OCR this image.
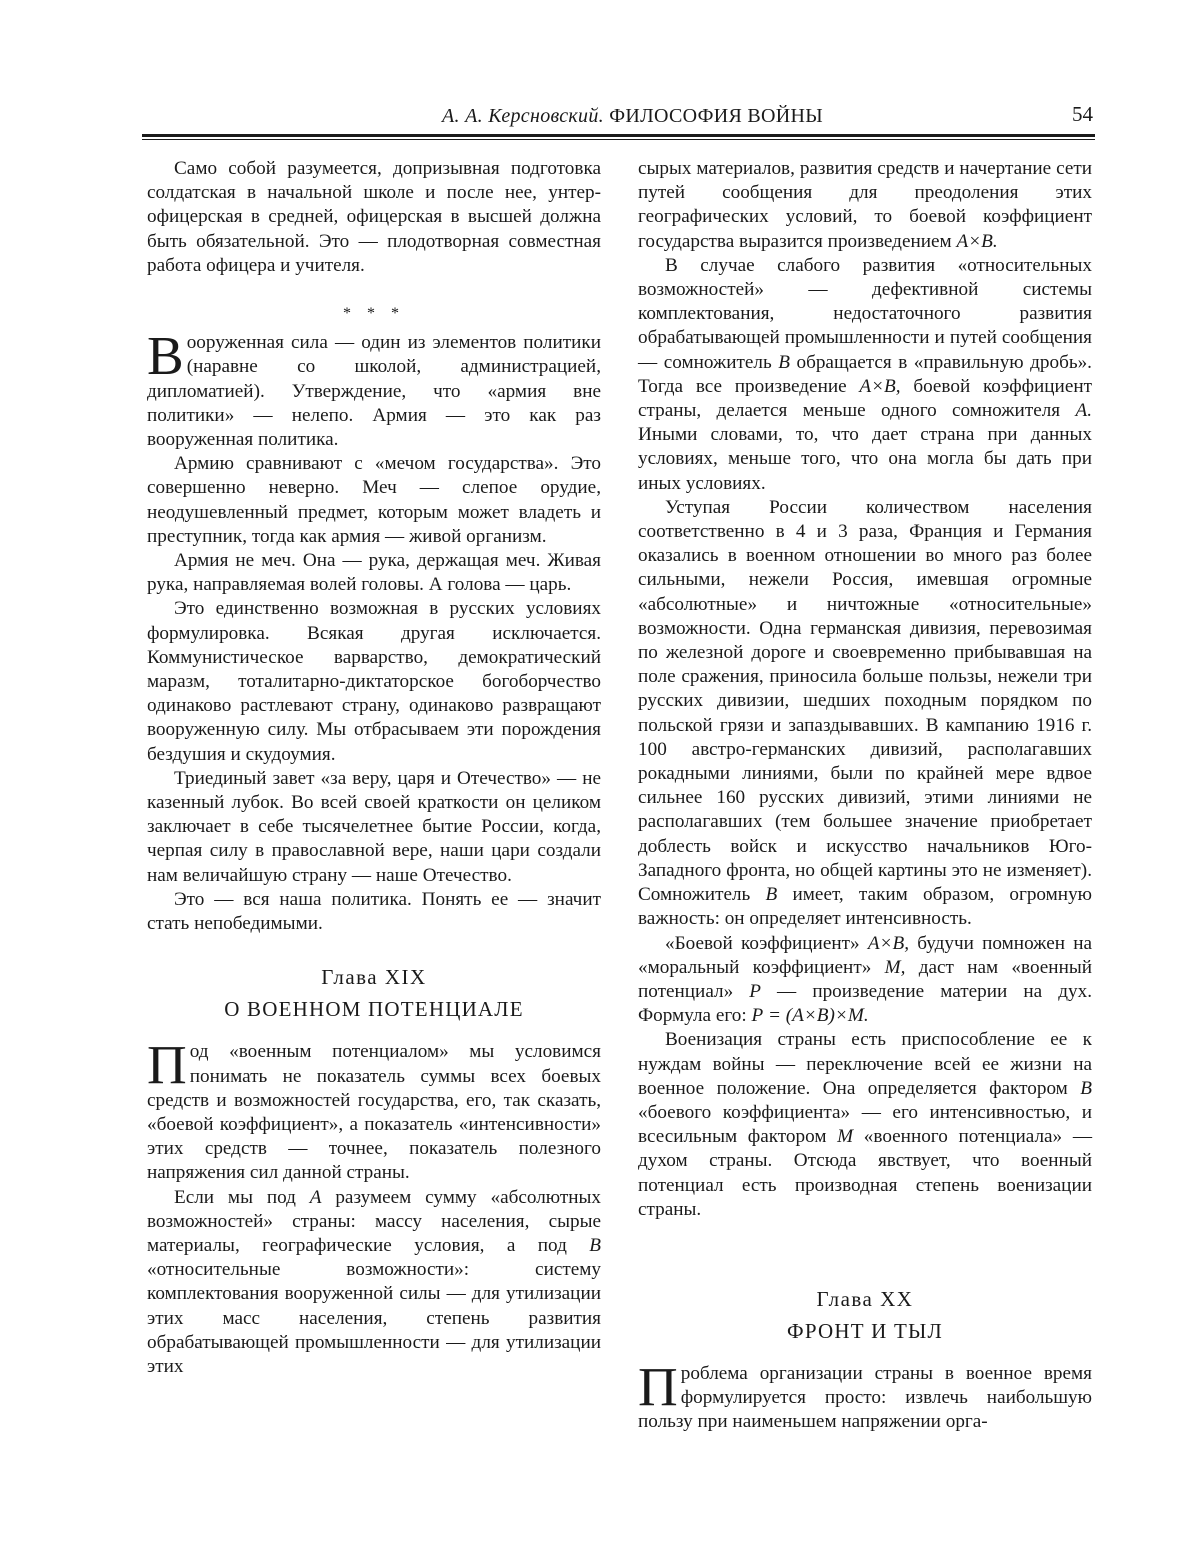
А. А. Керсновский. ФИЛОСОФИЯ ВОЙНЫ	54

Само собой разумеется, допризывная подготовка солдатская в начальной школе и после нее, унтер-офицерская в средней, офицерская в высшей должна быть обязательной. Это — плодотворная совместная работа офицера и учителя.

* * *

Вооруженная сила — один из элементов политики (наравне со школой, администрацией, дипломатией). Утверждение, что «армия вне политики» — нелепо. Армия — это как раз вооруженная политика.

Армию сравнивают с «мечом государства». Это совершенно неверно. Меч — слепое орудие, неодушевленный предмет, которым может владеть и преступник, тогда как армия — живой организм.

Армия не меч. Она — рука, держащая меч. Живая рука, направляемая волей головы. А голова — царь.

Это единственно возможная в русских условиях формулировка. Всякая другая исключается. Коммунистическое варварство, демократический маразм, тоталитарно-диктаторское богоборчество одинаково растлевают страну, одинаково развращают вооруженную силу. Мы отбрасываем эти порождения бездушия и скудоумия.

Триединый завет «за веру, царя и Отечество» — не казенный лубок. Во всей своей краткости он целиком заключает в себе тысячелетнее бытие России, когда, черпая силу в православной вере, наши цари создали нам величайшую страну — наше Отечество.

Это — вся наша политика. Понять ее — значит стать непобедимыми.

Глава XIX
О ВОЕННОМ ПОТЕНЦИАЛЕ

Под «военным потенциалом» мы условимся понимать не показатель суммы всех боевых средств и возможностей государства, его, так сказать, «боевой коэффициент», а показатель «интенсивности» этих средств — точнее, показатель полезного напряжения сил данной страны.

Если мы под А разумеем сумму «абсолютных возможностей» страны: массу населения, сырые материалы, географические условия, а под В «относительные возможности»: систему комплектования вооруженной силы — для утилизации этих масс населения, степень развития обрабатывающей промышленности — для утилизации этих

сырых материалов, развития средств и начертание сети путей сообщения для преодоления этих географических условий, то боевой коэффициент государства выразится произведением А×В.

В случае слабого развития «относительных возможностей» — дефективной системы комплектования, недостаточного развития обрабатывающей промышленности и путей сообщения — сомножитель В обращается в «правильную дробь». Тогда все произведение А×В, боевой коэффициент страны, делается меньше одного сомножителя А. Иными словами, то, что дает страна при данных условиях, меньше того, что она могла бы дать при иных условиях.

Уступая России количеством населения соответственно в 4 и 3 раза, Франция и Германия оказались в военном отношении во много раз более сильными, нежели Россия, имевшая огромные «абсолютные» и ничтожные «относительные» возможности. Одна германская дивизия, перевозимая по железной дороге и своевременно прибывавшая на поле сражения, приносила больше пользы, нежели три русских дивизии, шедших походным порядком по польской грязи и запаздывавших. В кампанию 1916 г. 100 австро-германских дивизий, располагавших рокадными линиями, были по крайней мере вдвое сильнее 160 русских дивизий, этими линиями не располагавших (тем большее значение приобретает доблесть войск и искусство начальников Юго-Западного фронта, но общей картины это не изменяет). Сомножитель В имеет, таким образом, огромную важность: он определяет интенсивность.

«Боевой коэффициент» А×В, будучи помножен на «моральный коэффициент» М, даст нам «военный потенциал» Р — произведение материи на дух. Формула его: Р = (А×В)×М.

Военизация страны есть приспособление ее к нуждам войны — переключение всей ее жизни на военное положение. Она определяется фактором В «боевого коэффициента» — его интенсивностью, и всесильным фактором М «военного потенциала» — духом страны. Отсюда явствует, что военный потенциал есть производная степень военизации страны.

Глава XX
ФРОНТ И ТЫЛ

Проблема организации страны в военное время формулируется просто: извлечь наибольшую пользу при наименьшем напряжении орга-
